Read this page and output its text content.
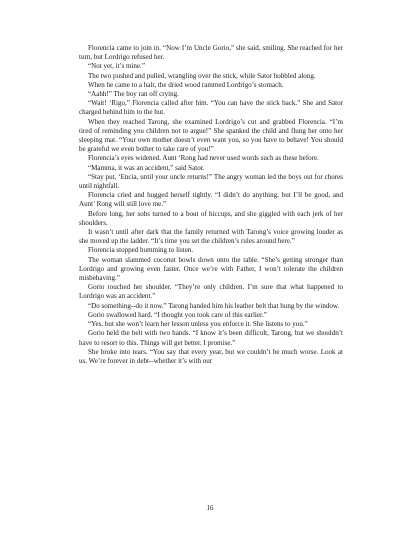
Florencia came to join in. “Now I’m Uncle Gorio,” she said, smiling. She reached for her turn, but Lordrigo refused her.

“Not yet, it’s mine.”

The two pushed and pulled, wrangling over the stick, while Sator hobbled along.

When he came to a halt, the dried wood rammed Lordrigo’s stomach.

“Aahh!” The boy ran off crying.

“Wait! ‘Rigo,” Florencia called after him. “You can have the stick back.” She and Sator charged behind him to the hut.

When they reached Tarong, she examined Lordrigo’s cut and grabbed Florencia. “I’m tired of reminding you children not to argue!” She spanked the child and flung her onto her sleeping mat. “Your own mother doesn’t even want you, so you have to behave! You should be grateful we even bother to take care of you!”

Florencia’s eyes widened. Aunt ‘Rong had never used words such as these before.

“Mamma, it was an accident,” said Sator.

“Stay put, ‘Encia, until your uncle returns!” The angry woman led the boys out for chores until nightfall.

Florencia cried and hugged herself tightly. “I didn’t do anything, but I’ll be good, and Aunt’ Rong will still love me.”

Before long, her sobs turned to a bout of hiccups, and she giggled with each jerk of her shoulders.

It wasn’t until after dark that the family returned with Tarong’s voice growing louder as she moved up the ladder. “It’s time you set the children’s rules around here.”

Florencia stopped humming to listen.

The woman slammed coconut bowls down onto the table. “She’s getting stronger than Lordrigo and growing even faster. Once we’re with Father, I won’t tolerate the children misbehaving.”

Gorio touched her shoulder. “They’re only children. I’m sure that what happened to Lordrigo was an accident.”

“Do something--do it now.” Tarong handed him his leather belt that hung by the window.

Gorio swallowed hard. “I thought you took care of this earlier.”

“Yes, but she won’t learn her lesson unless you enforce it. She listens to you.”

Gorio held the belt with two hands. “I know it’s been difficult, Tarong, but we shouldn’t have to resort to this. Things will get better. I promise.”

She broke into tears. “You say that every year, but we couldn’t be much worse. Look at us. We’re forever in debt--whether it’s with our

16
